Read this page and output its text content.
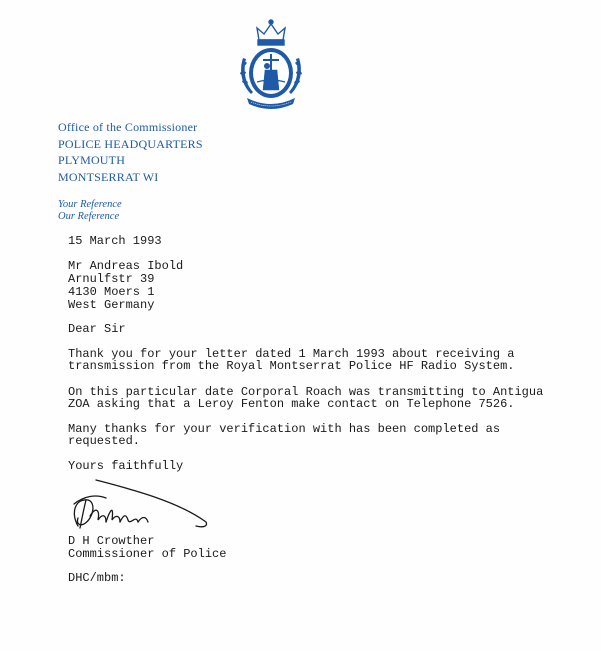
Office of the Commissioner
POLICE HEADQUARTERS
PLYMOUTH
MONTSERRAT WI
Your Reference
Our Reference
15 March 1993
Mr Andreas Ibold
Arnulfstr 39
4130 Moers 1
West Germany
Dear Sir
Thank you for your letter dated 1 March 1993 about receiving a
transmission from the Royal Montserrat Police HF Radio System.
On this particular date Corporal Roach was transmitting to Antigua
ZOA asking that a Leroy Fenton make contact on Telephone 7526.
Many thanks for your verification with has been completed as
requested.
Yours faithfully
D H Crowther
Commissioner of Police
DHC/mbm:
